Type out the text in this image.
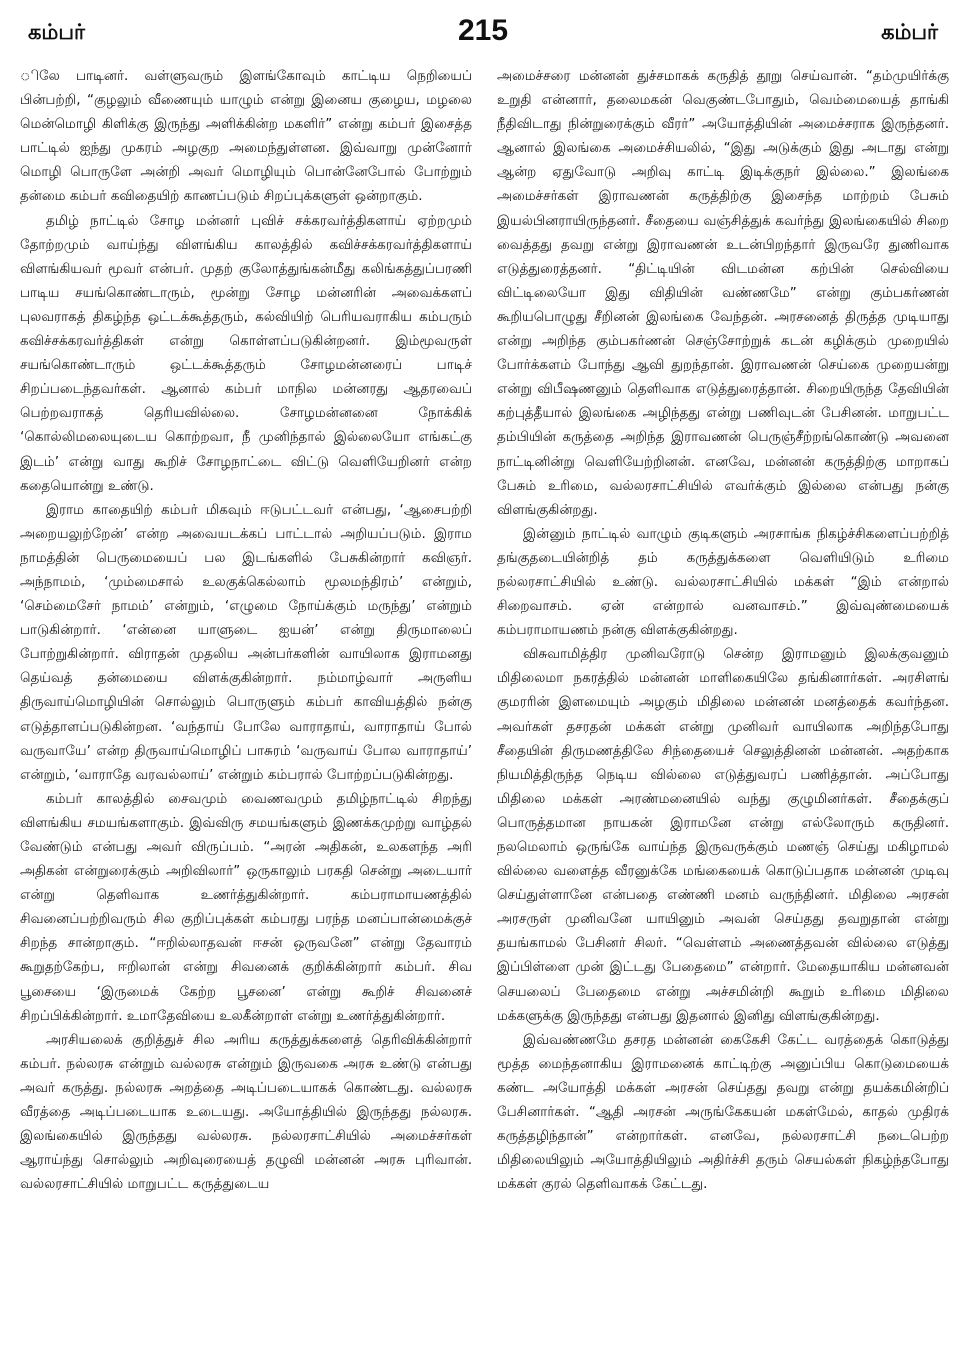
கம்பர்	215	கம்பர்

ிலே பாடினர். வள்ளுவரும் இளங்கோவும் காட்டிய நெறியைப் பின்பற்றி, “குழலும் வீணையும் யாழும் என்று இனைய குழைய, மழலை மென்மொழி கிளிக்கு இருந்து அளிக்கின்ற மகளிர்” என்று கம்பர் இசைத்த பாட்டில் ஐந்து முகரம் அழகுற அமைந்துள்ளன. இவ்வாறு முன்னோர் மொழி பொருளே அன்றி அவர் மொழியும் பொன்னேபோல் போற்றும் தன்மை கம்பர் கவிதையிற் காணப்படும் சிறப்புக்களுள் ஒன்றாகும்.

தமிழ் நாட்டில் சோழ மன்னர் புவிச் சக்கரவர்த்திகளாய் ஏற்றமும் தோற்றமும் வாய்ந்து விளங்கிய காலத்தில் கவிச்சக்கரவர்த்திகளாய் விளங்கியவர் மூவர் என்பர். முதற் குலோத்துங்கன்மீது கலிங்கத்துப்பரணி பாடிய சயங்கொண்டாரும், மூன்று சோழ மன்னரின் அவைக்களப் புலவராகத் திகழ்ந்த ஒட்டக்கூத்தரும், கல்வியிற் பெரியவராகிய கம்பரும் கவிச்சக்கரவர்த்திகள் என்று கொள்ளப்படுகின்றனர். இம்மூவருள் சயங்கொண்டாரும் ஒட்டக்கூத்தரும் சோழமன்னரைப் பாடிச் சிறப்படைந்தவர்கள். ஆனால் கம்பர் மாநில மன்னரது ஆதரவைப் பெற்றவராகத் தெரியவில்லை. சோழமன்னனை நோக்கிக் ‘கொல்லிமலையுடைய கொற்றவா, நீ முனிந்தால் இல்லையோ எங்கட்கு இடம்’ என்று வாது கூறிச் சோழநாட்டை விட்டு வெளியேறினர் என்ற கதையொன்று உண்டு.

இராம காதையிற் கம்பர் மிகவும் ஈடுபட்டவர் என்பது, ‘ஆசைபற்றி அறையலுற்றேன்’ என்ற அவையடக்கப் பாட்டால் அறியப்படும். இராம நாமத்தின் பெருமையைப் பல இடங்களில் பேசுகின்றார் கவிஞர். அந்நாமம், ‘மும்மைசால் உலகுக்கெல்லாம் மூலமந்திரம்’ என்றும், ‘செம்மைசேர் நாமம்’ என்றும், ‘எழுமை நோய்க்கும் மருந்து’ என்றும் பாடுகின்றார். ‘என்னை யாளுடை ஐயன்’ என்று திருமாலைப் போற்றுகின்றார். விராதன் முதலிய அன்பர்களின் வாயிலாக இராமனது தெய்வத் தன்மையை விளக்குகின்றார். நம்மாழ்வார் அருளிய திருவாய்மொழியின் சொல்லும் பொருளும் கம்பர் காவியத்தில் நன்கு எடுத்தாளப்படுகின்றன. ‘வந்தாய் போலே வாராதாய், வாராதாய் போல் வருவாயே’ என்ற திருவாய்மொழிப் பாசுரம் ‘வருவாய் போல வாராதாய்’ என்றும், ‘வாராதே வரவல்லாய்’ என்றும் கம்பரால் போற்றப்படுகின்றது.

கம்பர் காலத்தில் சைவமும் வைணவமும் தமிழ்நாட்டில் சிறந்து விளங்கிய சமயங்களாகும். இவ்விரு சமயங்களும் இணக்கமுற்று வாழ்தல் வேண்டும் என்பது அவர் விருப்பம். “அரன் அதிகன், உலகளந்த அரி அதிகன் என்றுரைக்கும் அறிவிலார்” ஒருகாலும் பரகதி சென்று அடையார் என்று தெளிவாக உணர்த்துகின்றார். கம்பராமாயணத்தில் சிவனைப்பற்றிவரும் சில குறிப்புக்கள் கம்பரது பரந்த மனப்பான்மைக்குச் சிறந்த சான்றாகும். “ஈறில்லாதவன் ஈசன் ஒருவனே” என்று தேவாரம் கூறுதற்கேற்ப, ஈறிலான் என்று சிவனைக் குறிக்கின்றார் கம்பர். சிவ பூசையை ‘இருமைக் கேற்ற பூசனை’ என்று கூறிச் சிவனைச் சிறப்பிக்கின்றார். உமாதேவியை உலகீன்றாள் என்று உணர்த்துகின்றார்.

அரசியலைக் குறித்துச் சில அரிய கருத்துக்களைத் தெரிவிக்கின்றார் கம்பர். நல்லரசு என்றும் வல்லரசு என்றும் இருவகை அரசு உண்டு என்பது அவர் கருத்து. நல்லரசு அறத்தை அடிப்படையாகக் கொண்டது. வல்லரசு வீரத்தை அடிப்படையாக உடையது. அயோத்தியில் இருந்தது நல்லரசு. இலங்கையில் இருந்தது வல்லரசு. நல்லரசாட்சியில் அமைச்சர்கள் ஆராய்ந்து சொல்லும் அறிவுரையைத் தழுவி மன்னன் அரசு புரிவான். வல்லரசாட்சியில் மாறுபட்ட கருத்துடைய

அமைச்சரை மன்னன் துச்சமாகக் கருதித் தூறு செய்வான். “தம்முயிர்க்கு உறுதி என்னார், தலைமகன் வெகுண்டபோதும், வெம்மையைத் தாங்கி நீதிவிடாது நின்றுரைக்கும் வீரர்” அயோத்தியின் அமைச்சராக இருந்தனர். ஆனால் இலங்கை அமைச்சியலில், “இது அடுக்கும் இது அடாது என்று ஆன்ற ஏதுவோடு அறிவு காட்டி இடிக்குநர் இல்லை.” இலங்கை அமைச்சர்கள் இராவணன் கருத்திற்கு இசைந்த மாற்றம் பேசும் இயல்பினராயிருந்தனர். சீதையை வஞ்சித்துக் கவர்ந்து இலங்கையில் சிறை வைத்தது தவறு என்று இராவணன் உடன்பிறந்தார் இருவரே துணிவாக எடுத்துரைத்தனர். “திட்டியின் விடமன்ன கற்பின் செல்வியை விட்டிலையோ இது விதியின் வண்ணமே” என்று கும்பகர்ணன் கூறியபொழுது சீறினன் இலங்கை வேந்தன். அரசனைத் திருத்த முடியாது என்று அறிந்த கும்பகர்ணன் செஞ்சோற்றுக் கடன் கழிக்கும் முறையில் போர்க்களம் போந்து ஆவி துறந்தான். இராவணன் செய்கை முறையன்று என்று விபீஷணனும் தெளிவாக எடுத்துரைத்தான். சிறையிருந்த தேவியின் கற்புத்தீயால் இலங்கை அழிந்தது என்று பணிவுடன் பேசினன். மாறுபட்ட தம்பியின் கருத்தை அறிந்த இராவணன் பெருஞ்சீற்றங்கொண்டு அவனை நாட்டினின்று வெளியேற்றினன். எனவே, மன்னன் கருத்திற்கு மாறாகப் பேசும் உரிமை, வல்லரசாட்சியில் எவர்க்கும் இல்லை என்பது நன்கு விளங்குகின்றது.

இன்னும் நாட்டில் வாழும் குடிகளும் அரசாங்க நிகழ்ச்சிகளைப்பற்றித் தங்குதடையின்றித் தம் கருத்துக்களை வெளியிடும் உரிமை நல்லரசாட்சியில் உண்டு. வல்லரசாட்சியில் மக்கள் “இம் என்றால் சிறைவாசம். ஏன் என்றால் வனவாசம்.” இவ்வுண்மையைக் கம்பராமாயணம் நன்கு விளக்குகின்றது.

விசுவாமித்திர முனிவரோடு சென்ற இராமனும் இலக்குவனும் மிதிலைமா நகரத்தில் மன்னன் மாளிகையிலே தங்கினார்கள். அரசிளங் குமரரின் இளமையும் அழகும் மிதிலை மன்னன் மனத்தைக் கவர்ந்தன. அவர்கள் தசரதன் மக்கள் என்று முனிவர் வாயிலாக அறிந்தபோது சீதையின் திருமணத்திலே சிந்தையைச் செலுத்தினன் மன்னன். அதற்காக நியமித்திருந்த நெடிய வில்லை எடுத்துவரப் பணித்தான். அப்போது மிதிலை மக்கள் அரண்மனையில் வந்து குழுமினர்கள். சீதைக்குப் பொருத்தமான நாயகன் இராமனே என்று எல்லோரும் கருதினர். நலமெலாம் ஒருங்கே வாய்ந்த இருவருக்கும் மணஞ் செய்து மகிழாமல் வில்லை வளைத்த வீரனுக்கே மங்கையைக் கொடுப்பதாக மன்னன் முடிவு செய்துள்ளானே என்பதை எண்ணி மனம் வருந்தினர். மிதிலை அரசன் அரசருள் முனிவனே யாயினும் அவன் செய்தது தவறுதான் என்று தயங்காமல் பேசினர் சிலர். “வெள்ளம் அணைத்தவன் வில்லை எடுத்து இப்பிள்ளை முன் இட்டது பேதைமை” என்றார். மேதையாகிய மன்னவன் செயலைப் பேதைமை என்று அச்சமின்றி கூறும் உரிமை மிதிலை மக்களுக்கு இருந்தது என்பது இதனால் இனிது விளங்குகின்றது.

இவ்வண்ணமே தசரத மன்னன் கைகேசி கேட்ட வரத்தைக் கொடுத்து மூத்த மைந்தனாகிய இராமனைக் காட்டிற்கு அனுப்பிய கொடுமையைக் கண்ட அயோத்தி மக்கள் அரசன் செய்தது தவறு என்று தயக்கமின்றிப் பேசினார்கள். “ஆதி அரசன் அருங்கேகயன் மகள்மேல், காதல் முதிரக் கருத்தழிந்தான்” என்றார்கள். எனவே, நல்லரசாட்சி நடைபெற்ற மிதிலையிலும் அயோத்தியிலும் அதிர்ச்சி தரும் செயல்கள் நிகழ்ந்தபோது மக்கள் குரல் தெளிவாகக் கேட்டது.
